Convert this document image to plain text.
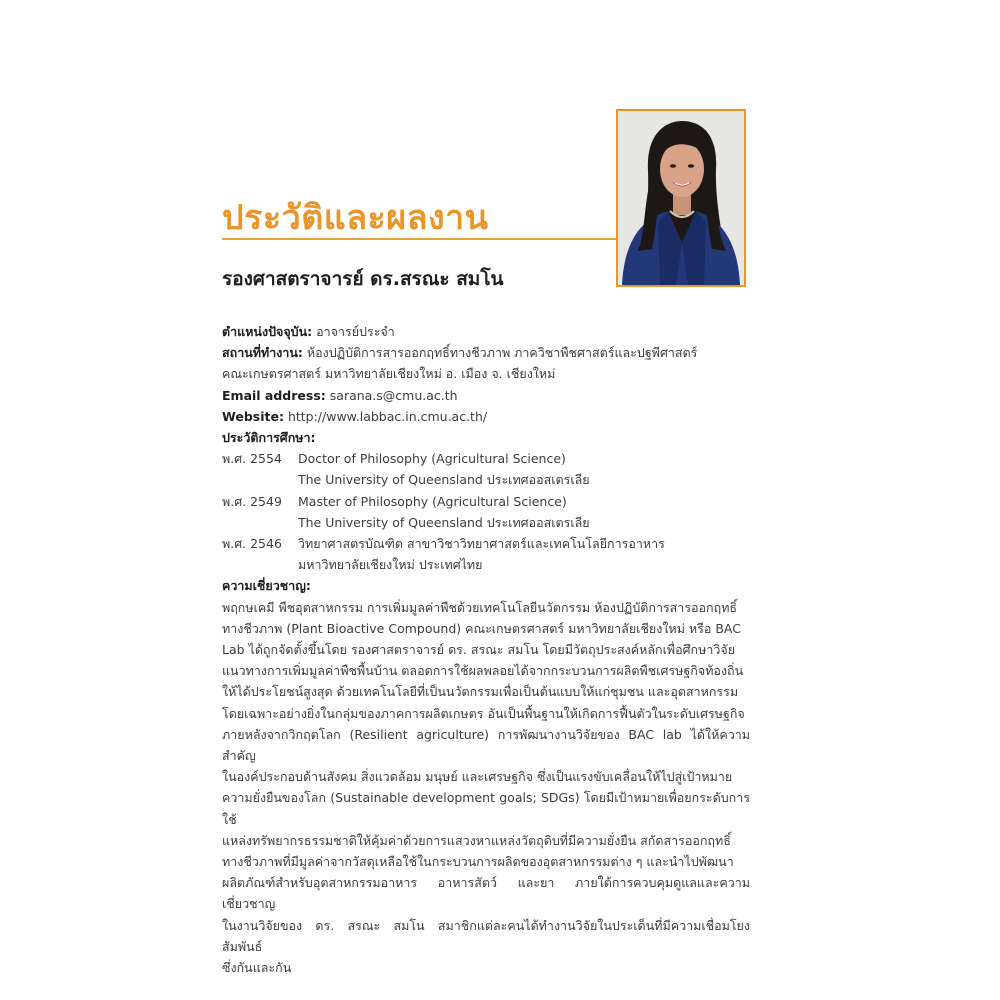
ประวัติและผลงาน
รองศาสตราจารย์ ดร.สรณะ สมโน

ตำแหน่งปัจจุบัน: อาจารย์ประจำ

สถานที่ทำงาน: ห้องปฏิบัติการสารออกฤทธิ์ทางชีวภาพ ภาควิชาพืชศาสตร์และปฐพีศาสตร์

คณะเกษตรศาสตร์ มหาวิทยาลัยเชียงใหม่ อ. เมือง จ. เชียงใหม่

Email address: sarana.s@cmu.ac.th

Website: http://www.labbac.in.cmu.ac.th/

ประวัติการศึกษา:

พ.ศ. 2554	Doctor of Philosophy (Agricultural Science)

The University of Queensland ประเทศออสเตรเลีย

พ.ศ. 2549	Master of Philosophy (Agricultural Science)

The University of Queensland ประเทศออสเตรเลีย

พ.ศ. 2546	วิทยาศาสตรบัณฑิต สาขาวิชาวิทยาศาสตร์และเทคโนโลยีการอาหาร

มหาวิทยาลัยเชียงใหม่ ประเทศไทย

ความเชี่ยวชาญ:

พฤกษเคมี พืชอุตสาหกรรม การเพิ่มมูลค่าพืชด้วยเทคโนโลยีนวัตกรรม ห้องปฏิบัติการสารออกฤทธิ์

ทางชีวภาพ (Plant Bioactive Compound) คณะเกษตรศาสตร์ มหาวิทยาลัยเชียงใหม่ หรือ BAC

Lab ได้ถูกจัดตั้งขึ้นโดย รองศาสตราจารย์ ดร. สรณะ สมโน โดยมีวัตถุประสงค์หลักเพื่อศึกษาวิจัย

แนวทางการเพิ่มมูลค่าพืชพื้นบ้าน ตลอดการใช้ผลพลอยได้จากกระบวนการผลิตพืชเศรษฐกิจท้องถิ่น

ให้ได้ประโยชน์สูงสุด ด้วยเทคโนโลยีที่เป็นนวัตกรรมเพื่อเป็นต้นแบบให้แก่ชุมชน และอุตสาหกรรม

โดยเฉพาะอย่างยิ่งในกลุ่มของภาคการผลิตเกษตร อันเป็นพื้นฐานให้เกิดการฟื้นตัวในระดับเศรษฐกิจ

ภายหลังจากวิกฤตโลก (Resilient agriculture) การพัฒนางานวิจัยของ BAC lab ได้ให้ความสำคัญ

ในองค์ประกอบด้านสังคม สิ่งแวดล้อม มนุษย์ และเศรษฐกิจ ซึ่งเป็นแรงขับเคลื่อนให้ไปสู่เป้าหมาย

ความยั่งยืนของโลก (Sustainable development goals; SDGs) โดยมีเป้าหมายเพื่อยกระดับการใช้

แหล่งทรัพยากรธรรมชาติให้คุ้มค่าด้วยการแสวงหาแหล่งวัตถุดิบที่มีความยั่งยืน สกัดสารออกฤทธิ์

ทางชีวภาพที่มีมูลค่าจากวัสดุเหลือใช้ในกระบวนการผลิตของอุตสาหกรรมต่าง ๆ และนำไปพัฒนา

ผลิตภัณฑ์สำหรับอุตสาหกรรมอาหาร อาหารสัตว์ และยา ภายใต้การควบคุมดูแลและความเชี่ยวชาญ

ในงานวิจัยของ ดร. สรณะ สมโน สมาชิกแต่ละคนได้ทำงานวิจัยในประเด็นที่มีความเชื่อมโยงสัมพันธ์

ซึ่งกันและกัน
